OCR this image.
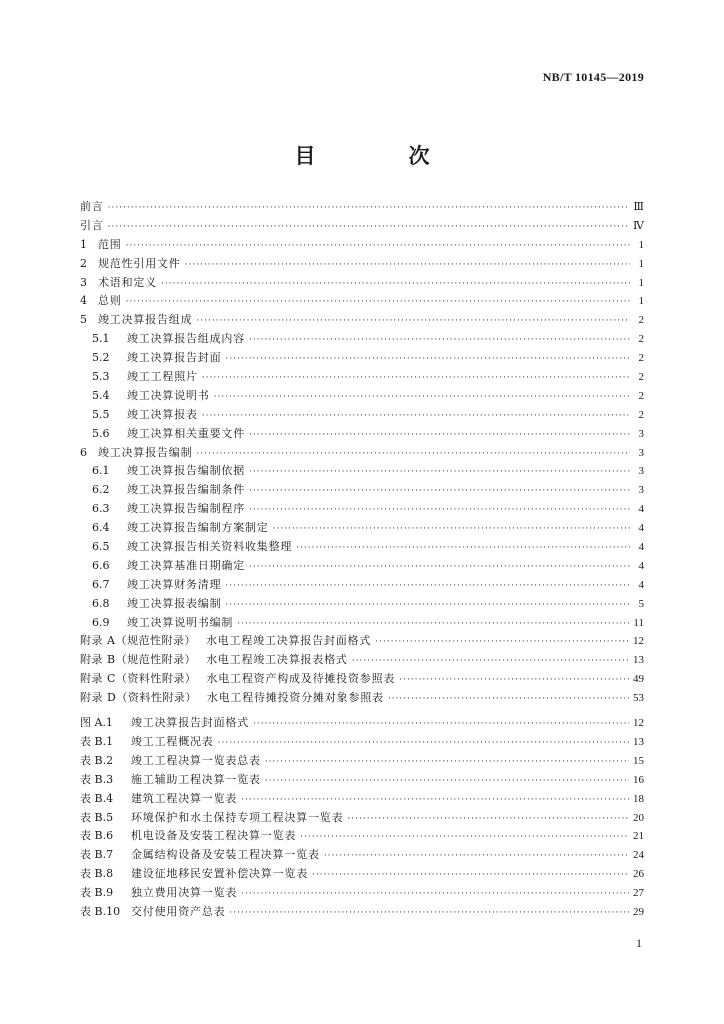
NB/T 10145—2019
目　次
前言 ·····	Ⅲ
引言 ·····	Ⅳ
1	范围 ·····	1
2	规范性引用文件 ·····	1
3	术语和定义 ·····	1
4	总则 ·····	1
5	竣工决算报告组成 ·····	2
5.1	竣工决算报告组成内容 ·····	2
5.2	竣工决算报告封面 ·····	2
5.3	竣工工程照片 ·····	2
5.4	竣工决算说明书 ·····	2
5.5	竣工决算报表 ·····	2
5.6	竣工决算相关重要文件 ·····	3
6	竣工决算报告编制 ·····	3
6.1	竣工决算报告编制依据 ·····	3
6.2	竣工决算报告编制条件 ·····	3
6.3	竣工决算报告编制程序 ·····	4
6.4	竣工决算报告编制方案制定 ·····	4
6.5	竣工决算报告相关资料收集整理 ·····	4
6.6	竣工决算基准日期确定 ·····	4
6.7	竣工决算财务清理 ·····	4
6.8	竣工决算报表编制 ·····	5
6.9	竣工决算说明书编制 ·····	11
附录 A（规范性附录） 水电工程竣工决算报告封面格式 ·····	12
附录 B（规范性附录） 水电工程竣工决算报表格式 ·····	13
附录 C（资料性附录） 水电工程资产构成及待摊投资参照表 ·····	49
附录 D（资料性附录） 水电工程待摊投资分摊对象参照表 ·····	53
图 A.1	竣工决算报告封面格式 ·····	12
表 B.1	竣工工程概况表 ·····	13
表 B.2	竣工工程决算一览表总表 ·····	15
表 B.3	施工辅助工程决算一览表 ·····	16
表 B.4	建筑工程决算一览表 ·····	18
表 B.5	环境保护和水土保持专项工程决算一览表 ·····	20
表 B.6	机电设备及安装工程决算一览表 ·····	21
表 B.7	金属结构设备及安装工程决算一览表 ·····	24
表 B.8	建设征地移民安置补偿决算一览表 ·····	26
表 B.9	独立费用决算一览表 ·····	27
表 B.10 交付使用资产总表 ·····	29
1
